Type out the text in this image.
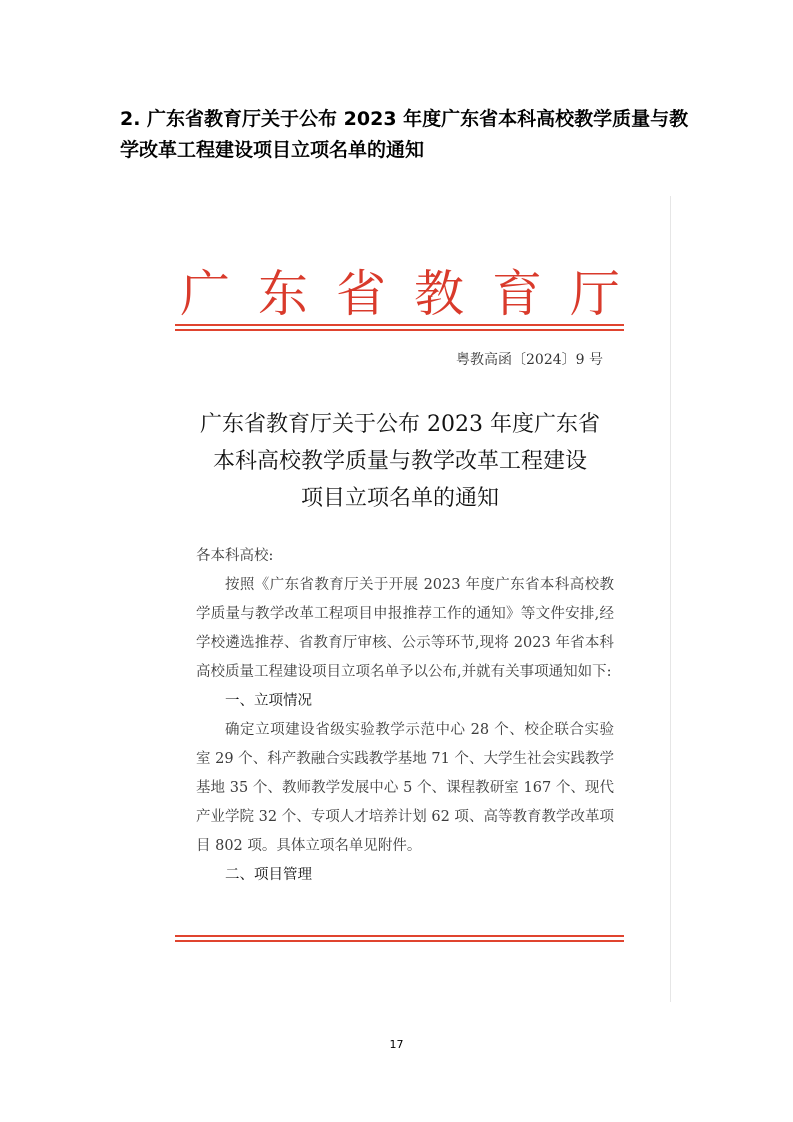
2. 广东省教育厅关于公布 2023 年度广东省本科高校教学质量与教学改革工程建设项目立项名单的通知
广 东 省 教 育 厅
粤教高函〔2024〕9 号
广东省教育厅关于公布 2023 年度广东省
本科高校教学质量与教学改革工程建设
项目立项名单的通知

各本科高校:

按照《广东省教育厅关于开展 2023 年度广东省本科高校教学质量与教学改革工程项目申报推荐工作的通知》等文件安排,经学校遴选推荐、省教育厅审核、公示等环节,现将 2023 年省本科高校质量工程建设项目立项名单予以公布,并就有关事项通知如下:

一、立项情况

确定立项建设省级实验教学示范中心 28 个、校企联合实验室 29 个、科产教融合实践教学基地 71 个、大学生社会实践教学基地 35 个、教师教学发展中心 5 个、课程教研室 167 个、现代产业学院 32 个、专项人才培养计划 62 项、高等教育教学改革项目 802 项。具体立项名单见附件。

二、项目管理

17
